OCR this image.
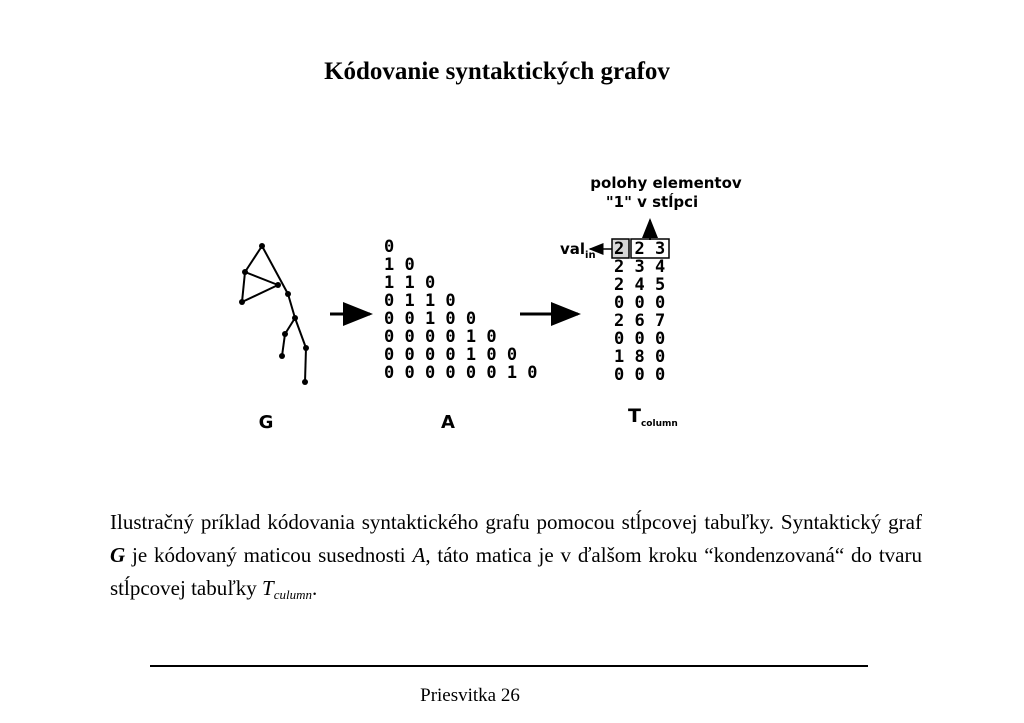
Kódovanie syntaktických grafov
G
0
1 0
1 1 0
0 1 1 0
0 0 1 0 0
0 0 0 0 1 0
0 0 0 0 1 0 0
0 0 0 0 0 0 1 0
A
polohy elementov
"1" v stĺpci
val$_{in}$ 2 2 3
2 3 4
2 4 5
0 0 0
2 6 7
0 0 0
1 8 0
0 0 0
$T_{column}$
Ilustračný príklad kódovania syntaktického grafu pomocou stĺpcovej tabuľky. Syntaktický graf G je kódovaný maticou susednosti A, táto matica je v ďalšom kroku “kondenzovaná“ do tvaru stĺpcovej tabuľky $T_{culumn}$.
Priesvitka 26
